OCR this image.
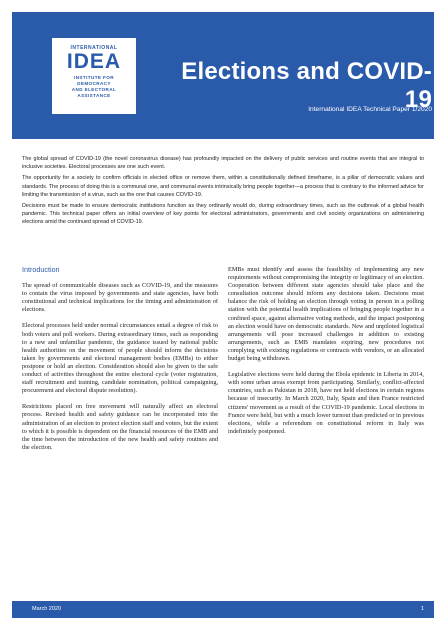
INTERNATIONAL
IDEA
INSTITUTE FOR
DEMOCRACY
AND ELECTORAL
ASSISTANCE
Elections and COVID-19
International IDEA Technical Paper 1/2020

The global spread of COVID-19 (the novel coronavirus disease) has profoundly impacted on the delivery of public services and routine events that are integral to inclusive societies. Electoral processes are one such event.

The opportunity for a society to confirm officials in elected office or remove them, within a constitutionally defined timeframe, is a pillar of democratic values and standards. The process of doing this is a communal one, and communal events intrinsically bring people together—a process that is contrary to the informed advice for limiting the transmission of a virus, such as the one that causes COVID-19.

Decisions must be made to ensure democratic institutions function as they ordinarily would do, during extraordinary times, such as the outbreak of a global health pandemic. This technical paper offers an initial overview of key points for electoral administrators, governments and civil society organizations on administering elections amid the continued spread of COVID-19.

Introduction

The spread of communicable diseases such as COVID-19, and the measures to contain the virus imposed by governments and state agencies, have both constitutional and technical implications for the timing and administration of elections.

Electoral processes held under normal circumstances entail a degree of risk to both voters and poll workers. During extraordinary times, such as responding to a new and unfamiliar pandemic, the guidance issued by national public health authorities on the movement of people should inform the decisions taken by governments and electoral management bodies (EMBs) to either postpone or hold an election. Consideration should also be given to the safe conduct of activities throughout the entire electoral cycle (voter registration, staff recruitment and training, candidate nomination, political campaigning, procurement and electoral dispute resolution).

Restrictions placed on free movement will naturally affect an electoral process. Revised health and safety guidance can be incorporated into the administration of an election to protect election staff and voters, but the extent to which it is possible is dependent on the financial resources of the EMB and the time between the introduction of the new health and safety routines and the election.

EMBs must identify and assess the feasibility of implementing any new requirements without compromising the integrity or legitimacy of an election. Cooperation between different state agencies should take place and the consultation outcome should inform any decisions taken. Decisions must balance the risk of holding an election through voting in person in a polling station with the potential health implications of bringing people together in a confined space, against alternative voting methods, and the impact postponing an election would have on democratic standards. New and unpiloted logistical arrangements will pose increased challenges in addition to existing arrangements, such as EMB mandates expiring, new procedures not complying with existing regulations or contracts with vendors, or an allocated budget being withdrawn.

Legislative elections were held during the Ebola epidemic in Liberia in 2014, with some urban areas exempt from participating. Similarly, conflict-affected countries, such as Pakistan in 2018, have not held elections in certain regions because of insecurity. In March 2020, Italy, Spain and then France restricted citizens' movement as a result of the COVID-19 pandemic. Local elections in France were held, but with a much lower turnout than predicted or in previous elections, while a referendum on constitutional reform in Italy was indefinitely postponed.

March 2020	1
